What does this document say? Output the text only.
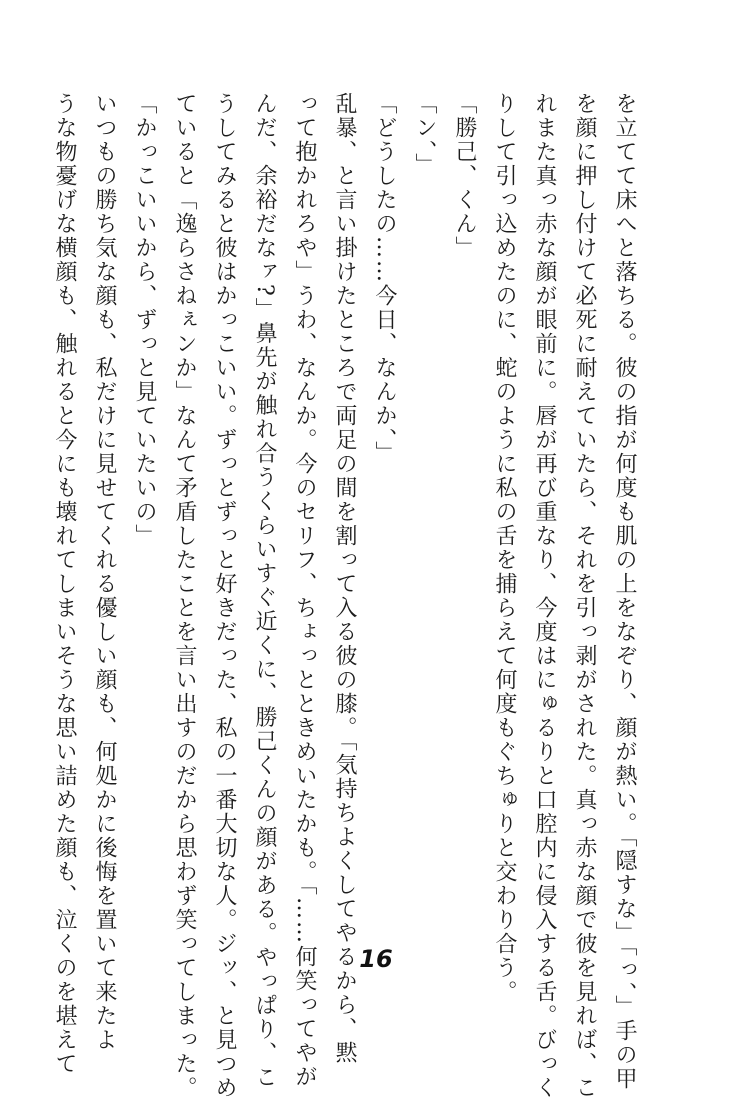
を立てて床へと落ちる。彼の指が何度も肌の上をなぞり、顔が熱い。「隠すな」「っ、」手の甲
を顔に押し付けて必死に耐えていたら、それを引っ剥がされた。真っ赤な顔で彼を見れば、こ
れまた真っ赤な顔が眼前に。唇が再び重なり、今度はにゅるりと口腔内に侵入する舌。びっく
りして引っ込めたのに、蛇のように私の舌を捕らえて何度もぐちゅりと交わり合う。
「勝己、くん」
「ン、」
「どうしたの……今日、なんか、」
乱暴、と言い掛けたところで両足の間を割って入る彼の膝。「気持ちよくしてやるから、黙
って抱かれろや」うわ、なんか。今のセリフ、ちょっとときめいたかも。「……何笑ってやが
んだ、余裕だなァ?」鼻先が触れ合うくらいすぐ近くに、勝己くんの顔がある。やっぱり、こ
うしてみると彼はかっこいい。ずっとずっと好きだった、私の一番大切な人。ジッ、と見つめ
ていると「逸らさねぇンか」なんて矛盾したことを言い出すのだから思わず笑ってしまった。
「かっこいいから、ずっと見ていたいの」
いつもの勝ち気な顔も、私だけに見せてくれる優しい顔も、何処かに後悔を置いて来たよ
うな物憂げな横顔も、触れると今にも壊れてしまいそうな思い詰めた顔も、泣くのを堪えて	16
